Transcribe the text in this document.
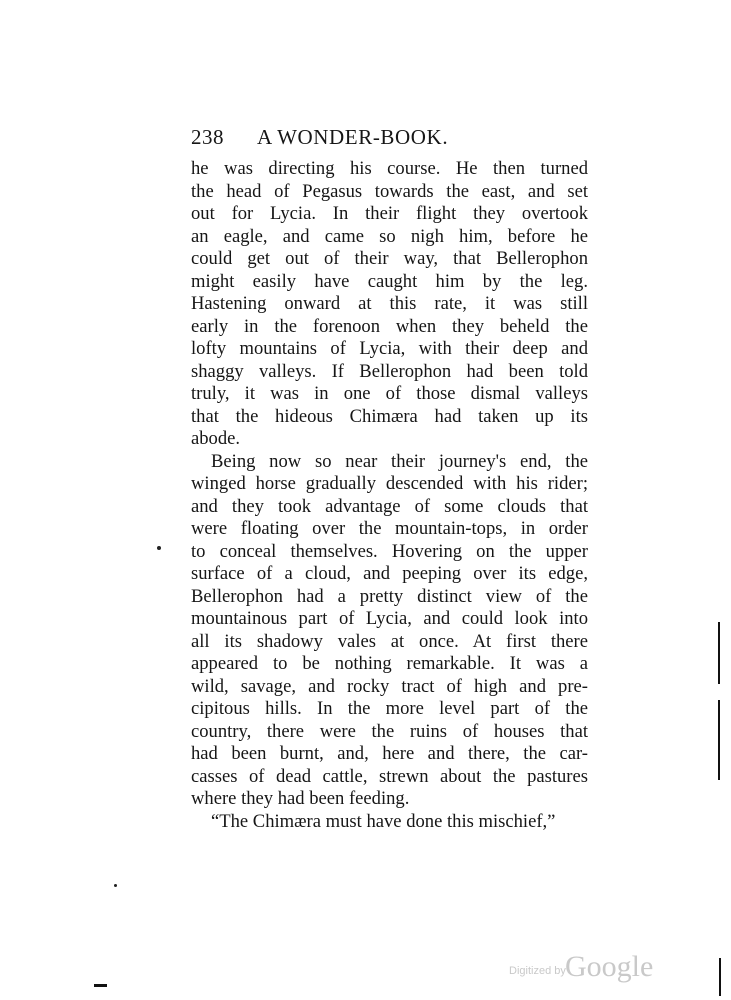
238 A WONDER-BOOK.
he was directing his course. He then turned
the head of Pegasus towards the east, and set
out for Lycia. In their flight they overtook
an eagle, and came so nigh him, before he
could get out of their way, that Bellerophon
might easily have caught him by the leg.
Hastening onward at this rate, it was still
early in the forenoon when they beheld the
lofty mountains of Lycia, with their deep and
shaggy valleys. If Bellerophon had been told
truly, it was in one of those dismal valleys
that the hideous Chimæra had taken up its
abode.
Being now so near their journey's end, the
winged horse gradually descended with his rider;
and they took advantage of some clouds that
were floating over the mountain-tops, in order
to conceal themselves. Hovering on the upper
surface of a cloud, and peeping over its edge,
Bellerophon had a pretty distinct view of the
mountainous part of Lycia, and could look into
all its shadowy vales at once. At first there
appeared to be nothing remarkable. It was a
wild, savage, and rocky tract of high and pre-
cipitous hills. In the more level part of the
country, there were the ruins of houses that
had been burnt, and, here and there, the car-
casses of dead cattle, strewn about the pastures
where they had been feeding.
“The Chimæra must have done this mischief,”
Digitized by Google
